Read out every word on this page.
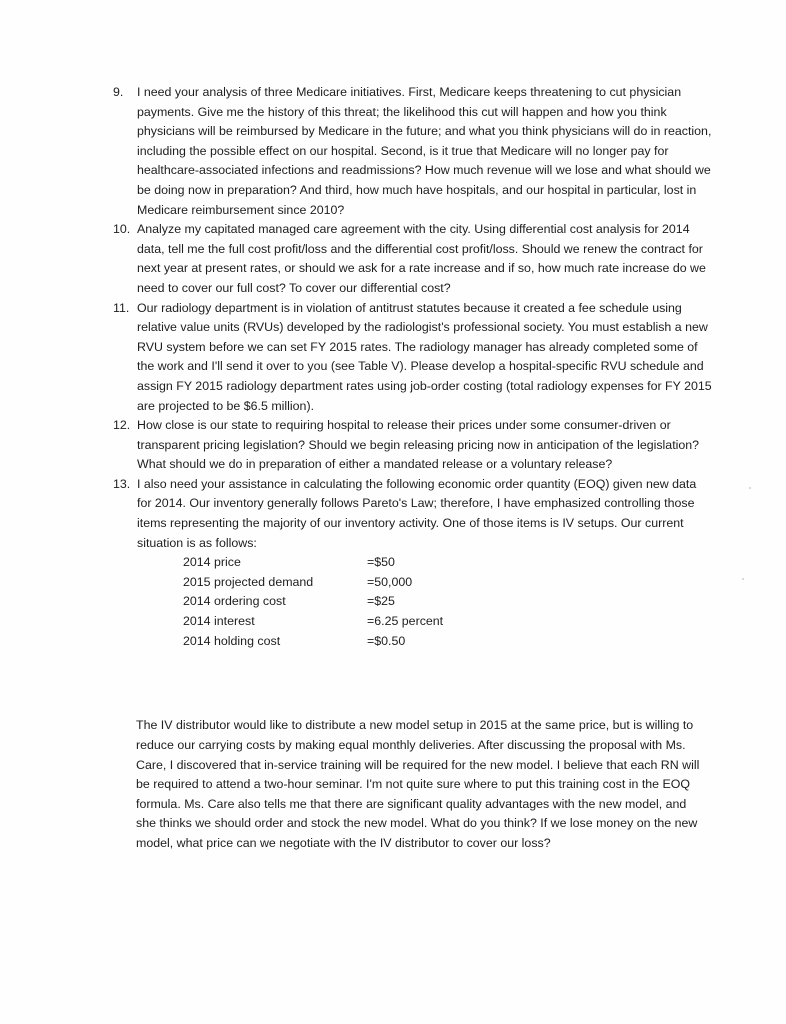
9.	I need your analysis of three Medicare initiatives. First, Medicare keeps threatening to cut physician payments. Give me the history of this threat; the likelihood this cut will happen and how you think physicians will be reimbursed by Medicare in the future; and what you think physicians will do in reaction, including the possible effect on our hospital. Second, is it true that Medicare will no longer pay for healthcare-associated infections and readmissions? How much revenue will we lose and what should we be doing now in preparation? And third, how much have hospitals, and our hospital in particular, lost in Medicare reimbursement since 2010?
10. Analyze my capitated managed care agreement with the city. Using differential cost analysis for 2014 data, tell me the full cost profit/loss and the differential cost profit/loss. Should we renew the contract for next year at present rates, or should we ask for a rate increase and if so, how much rate increase do we need to cover our full cost? To cover our differential cost?
11. Our radiology department is in violation of antitrust statutes because it created a fee schedule using relative value units (RVUs) developed by the radiologist's professional society. You must establish a new RVU system before we can set FY 2015 rates. The radiology manager has already completed some of the work and I'll send it over to you (see Table V). Please develop a hospital-specific RVU schedule and assign FY 2015 radiology department rates using job-order costing (total radiology expenses for FY 2015 are projected to be $6.5 million).
12. How close is our state to requiring hospital to release their prices under some consumer-driven or transparent pricing legislation? Should we begin releasing pricing now in anticipation of the legislation? What should we do in preparation of either a mandated release or a voluntary release?
13. I also need your assistance in calculating the following economic order quantity (EOQ) given new data for 2014. Our inventory generally follows Pareto's Law; therefore, I have emphasized controlling those items representing the majority of our inventory activity. One of those items is IV setups. Our current situation is as follows:
2014 price	=$50
2015 projected demand	=50,000
2014 ordering cost	=$25
2014 interest	=6.25 percent
2014 holding cost	=$0.50

The IV distributor would like to distribute a new model setup in 2015 at the same price, but is willing to reduce our carrying costs by making equal monthly deliveries. After discussing the proposal with Ms. Care, I discovered that in-service training will be required for the new model. I believe that each RN will be required to attend a two-hour seminar. I'm not quite sure where to put this training cost in the EOQ formula. Ms. Care also tells me that there are significant quality advantages with the new model, and she thinks we should order and stock the new model. What do you think? If we lose money on the new model, what price can we negotiate with the IV distributor to cover our loss?
